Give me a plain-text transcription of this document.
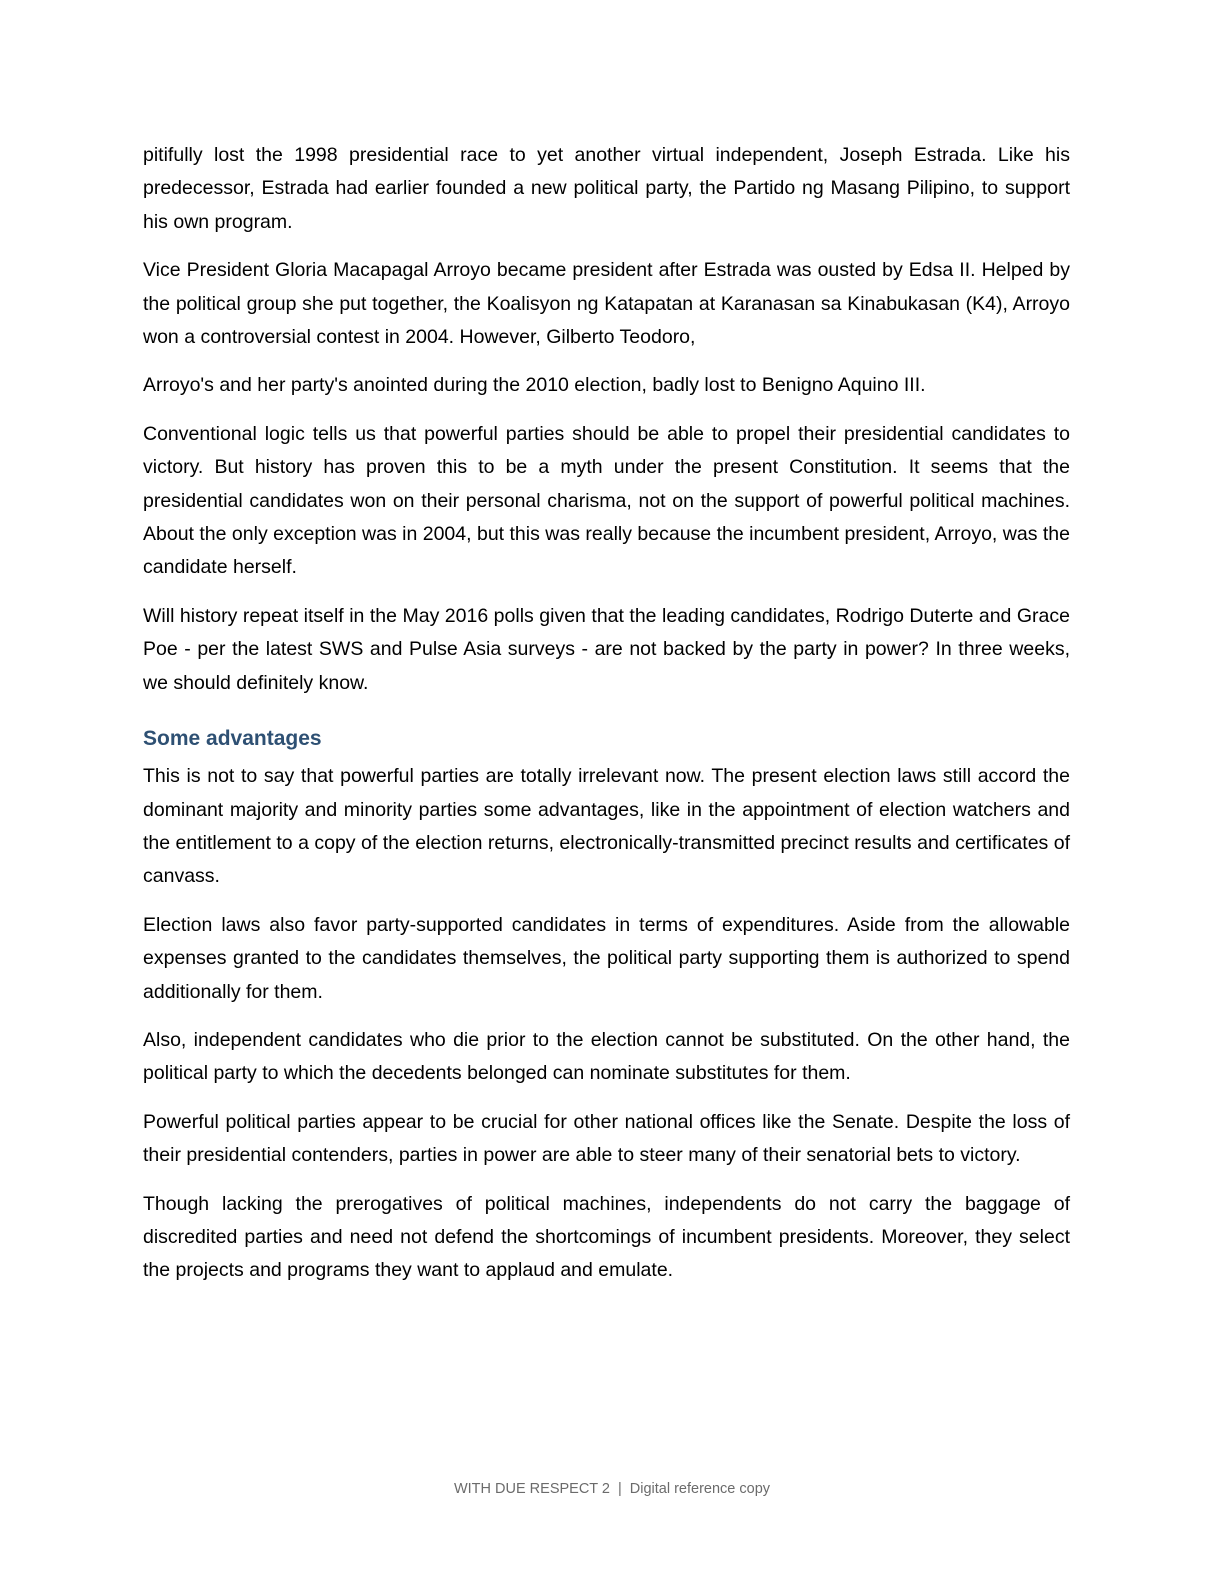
pitifully lost the 1998 presidential race to yet another virtual independent, Joseph Estrada. Like his predecessor, Estrada had earlier founded a new political party, the Partido ng Masang Pilipino, to support his own program.

Vice President Gloria Macapagal Arroyo became president after Estrada was ousted by Edsa II. Helped by the political group she put together, the Koalisyon ng Katapatan at Karanasan sa Kinabukasan (K4), Arroyo won a controversial contest in 2004. However, Gilberto Teodoro,

Arroyo's and her party's anointed during the 2010 election, badly lost to Benigno Aquino III.

Conventional logic tells us that powerful parties should be able to propel their presidential candidates to victory. But history has proven this to be a myth under the present Constitution. It seems that the presidential candidates won on their personal charisma, not on the support of powerful political machines. About the only exception was in 2004, but this was really because the incumbent president, Arroyo, was the candidate herself.

Will history repeat itself in the May 2016 polls given that the leading candidates, Rodrigo Duterte and Grace Poe - per the latest SWS and Pulse Asia surveys - are not backed by the party in power? In three weeks, we should definitely know.

Some advantages

This is not to say that powerful parties are totally irrelevant now. The present election laws still accord the dominant majority and minority parties some advantages, like in the appointment of election watchers and the entitlement to a copy of the election returns, electronically-transmitted precinct results and certificates of canvass.

Election laws also favor party-supported candidates in terms of expenditures. Aside from the allowable expenses granted to the candidates themselves, the political party supporting them is authorized to spend additionally for them.

Also, independent candidates who die prior to the election cannot be substituted. On the other hand, the political party to which the decedents belonged can nominate substitutes for them.

Powerful political parties appear to be crucial for other national offices like the Senate. Despite the loss of their presidential contenders, parties in power are able to steer many of their senatorial bets to victory.

Though lacking the prerogatives of political machines, independents do not carry the baggage of discredited parties and need not defend the shortcomings of incumbent presidents. Moreover, they select the projects and programs they want to applaud and emulate.

WITH DUE RESPECT 2 | Digital reference copy
